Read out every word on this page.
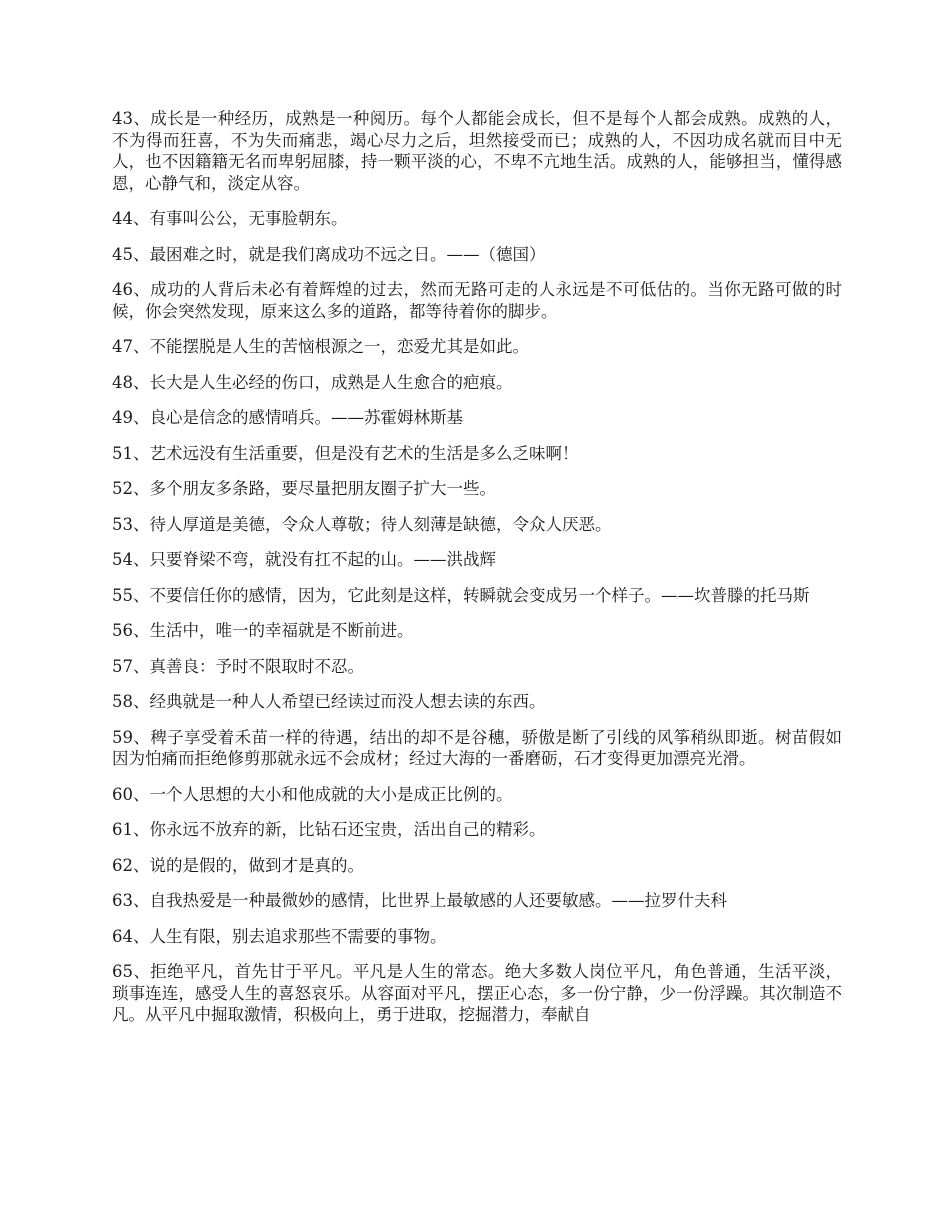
43、成长是一种经历，成熟是一种阅历。每个人都能会成长，但不是每个人都会成熟。成熟的人，不为得而狂喜，不为失而痛悲，竭心尽力之后，坦然接受而已；成熟的人，不因功成名就而目中无人，也不因籍籍无名而卑躬屈膝，持一颗平淡的心，不卑不亢地生活。成熟的人，能够担当，懂得感恩，心静气和，淡定从容。

44、有事叫公公，无事脸朝东。

45、最困难之时，就是我们离成功不远之日。——（德国）

46、成功的人背后未必有着辉煌的过去，然而无路可走的人永远是不可低估的。当你无路可做的时候，你会突然发现，原来这么多的道路，都等待着你的脚步。

47、不能摆脱是人生的苦恼根源之一，恋爱尤其是如此。

48、长大是人生必经的伤口，成熟是人生愈合的疤痕。

49、良心是信念的感情哨兵。——苏霍姆林斯基

51、艺术远没有生活重要，但是没有艺术的生活是多么乏味啊！

52、多个朋友多条路，要尽量把朋友圈子扩大一些。

53、待人厚道是美德，令众人尊敬；待人刻薄是缺德，令众人厌恶。

54、只要脊梁不弯，就没有扛不起的山。——洪战辉

55、不要信任你的感情，因为，它此刻是这样，转瞬就会变成另一个样子。——坎普滕的托马斯

56、生活中，唯一的幸福就是不断前进。

57、真善良：予时不限取时不忍。

58、经典就是一种人人希望已经读过而没人想去读的东西。

59、稗子享受着禾苗一样的待遇，结出的却不是谷穗，骄傲是断了引线的风筝稍纵即逝。树苗假如因为怕痛而拒绝修剪那就永远不会成材；经过大海的一番磨砺，石才变得更加漂亮光滑。

60、一个人思想的大小和他成就的大小是成正比例的。

61、你永远不放弃的新，比钻石还宝贵，活出自己的精彩。

62、说的是假的，做到才是真的。

63、自我热爱是一种最微妙的感情，比世界上最敏感的人还要敏感。——拉罗什夫科

64、人生有限，别去追求那些不需要的事物。

65、拒绝平凡，首先甘于平凡。平凡是人生的常态。绝大多数人岗位平凡，角色普通，生活平淡，琐事连连，感受人生的喜怒哀乐。从容面对平凡，摆正心态，多一份宁静，少一份浮躁。其次制造不凡。从平凡中掘取激情，积极向上，勇于进取，挖掘潜力，奉献自
